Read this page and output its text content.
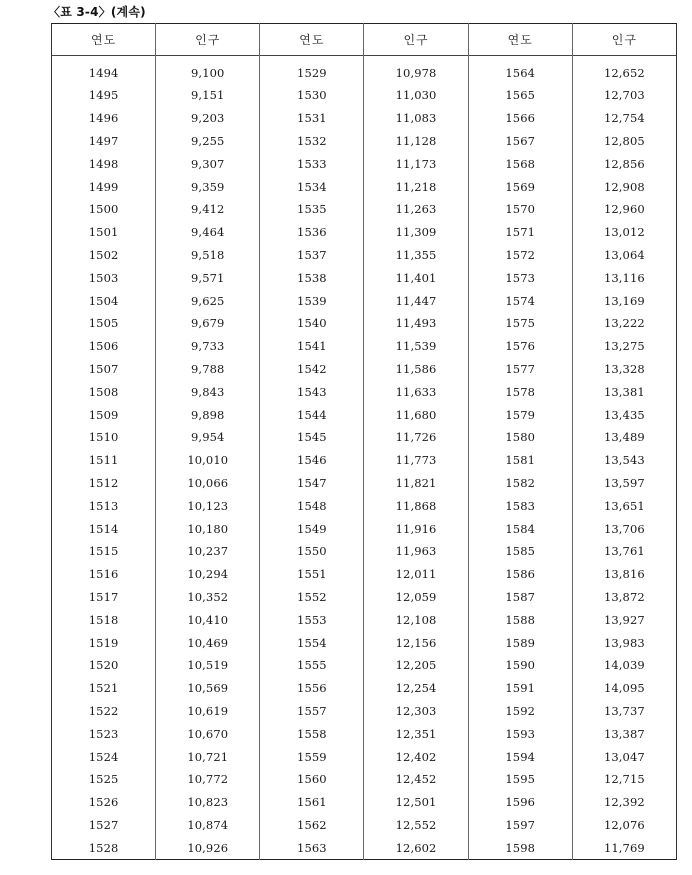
〈표 3-4〉(계속)
연도	인구	연도	인구	연도	인구
1494	9,100	1529	10,978	1564	12,652
1495	9,151	1530	11,030	1565	12,703
1496	9,203	1531	11,083	1566	12,754
1497	9,255	1532	11,128	1567	12,805
1498	9,307	1533	11,173	1568	12,856
1499	9,359	1534	11,218	1569	12,908
1500	9,412	1535	11,263	1570	12,960
1501	9,464	1536	11,309	1571	13,012
1502	9,518	1537	11,355	1572	13,064
1503	9,571	1538	11,401	1573	13,116
1504	9,625	1539	11,447	1574	13,169
1505	9,679	1540	11,493	1575	13,222
1506	9,733	1541	11,539	1576	13,275
1507	9,788	1542	11,586	1577	13,328
1508	9,843	1543	11,633	1578	13,381
1509	9,898	1544	11,680	1579	13,435
1510	9,954	1545	11,726	1580	13,489
1511	10,010	1546	11,773	1581	13,543
1512	10,066	1547	11,821	1582	13,597
1513	10,123	1548	11,868	1583	13,651
1514	10,180	1549	11,916	1584	13,706
1515	10,237	1550	11,963	1585	13,761
1516	10,294	1551	12,011	1586	13,816
1517	10,352	1552	12,059	1587	13,872
1518	10,410	1553	12,108	1588	13,927
1519	10,469	1554	12,156	1589	13,983
1520	10,519	1555	12,205	1590	14,039
1521	10,569	1556	12,254	1591	14,095
1522	10,619	1557	12,303	1592	13,737
1523	10,670	1558	12,351	1593	13,387
1524	10,721	1559	12,402	1594	13,047
1525	10,772	1560	12,452	1595	12,715
1526	10,823	1561	12,501	1596	12,392
1527	10,874	1562	12,552	1597	12,076
1528	10,926	1563	12,602	1598	11,769
